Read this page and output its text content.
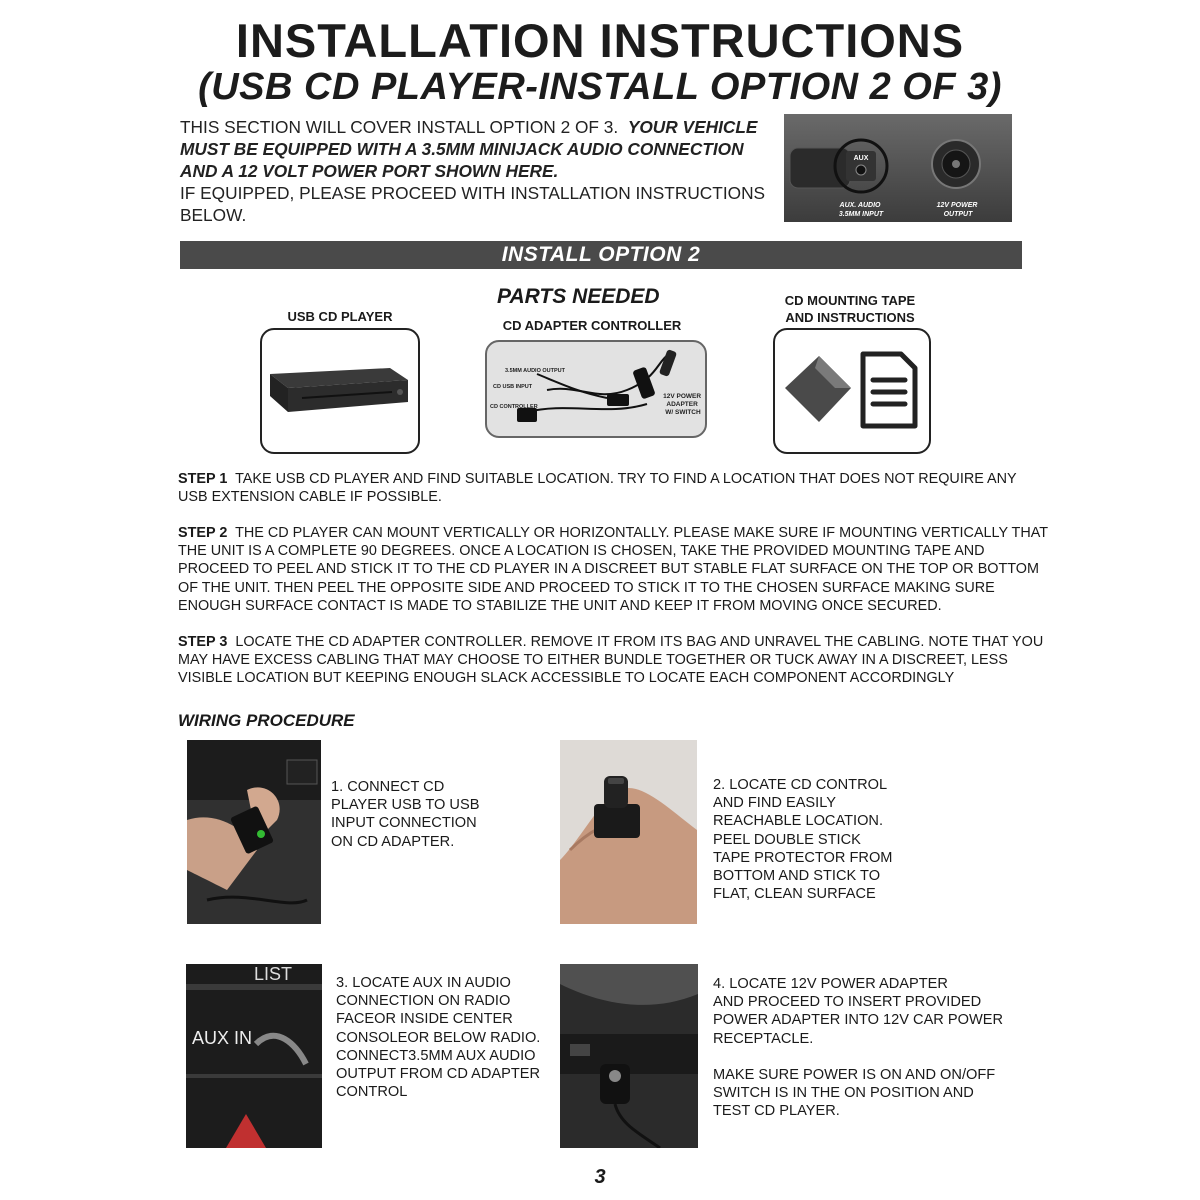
INSTALLATION INSTRUCTIONS
(USB CD PLAYER-INSTALL OPTION 2 OF 3)
THIS SECTION WILL COVER INSTALL OPTION 2 OF 3. YOUR VEHICLE MUST BE EQUIPPED WITH A 3.5MM MINIJACK AUDIO CONNECTION AND A 12 VOLT POWER PORT SHOWN HERE.
IF EQUIPPED, PLEASE PROCEED WITH INSTALLATION INSTRUCTIONS BELOW.
AUX
AUX. AUDIO 3.5MM INPUT
12V POWER OUTPUT
INSTALL OPTION 2
PARTS NEEDED
USB CD PLAYER
CD ADAPTER CONTROLLER
CD MOUNTING TAPE
AND INSTRUCTIONS
3.5MM AUDIO OUTPUT
CD USB INPUT
CD CONTROLLER
12V POWER ADAPTER W/ SWITCH
STEP 1 TAKE USB CD PLAYER AND FIND SUITABLE LOCATION. TRY TO FIND A LOCATION THAT DOES NOT REQUIRE ANY USB EXTENSION CABLE IF POSSIBLE.
STEP 2 THE CD PLAYER CAN MOUNT VERTICALLY OR HORIZONTALLY. PLEASE MAKE SURE IF MOUNTING VERTICALLY THAT THE UNIT IS A COMPLETE 90 DEGREES. ONCE A LOCATION IS CHOSEN, TAKE THE PROVIDED MOUNTING TAPE AND PROCEED TO PEEL AND STICK IT TO THE CD PLAYER IN A DISCREET BUT STABLE FLAT SURFACE ON THE TOP OR BOTTOM OF THE UNIT. THEN PEEL THE OPPOSITE SIDE AND PROCEED TO STICK IT TO THE CHOSEN SURFACE MAKING SURE ENOUGH SURFACE CONTACT IS MADE TO STABILIZE THE UNIT AND KEEP IT FROM MOVING ONCE SECURED.
STEP 3 LOCATE THE CD ADAPTER CONTROLLER. REMOVE IT FROM ITS BAG AND UNRAVEL THE CABLING. NOTE THAT YOU MAY HAVE EXCESS CABLING THAT MAY CHOOSE TO EITHER BUNDLE TOGETHER OR TUCK AWAY IN A DISCREET, LESS VISIBLE LOCATION BUT KEEPING ENOUGH SLACK ACCESSIBLE TO LOCATE EACH COMPONENT ACCORDINGLY
WIRING PROCEDURE
1. CONNECT CD
PLAYER USB TO USB
INPUT CONNECTION
ON CD ADAPTER.
2. LOCATE CD CONTROL
AND FIND EASILY
REACHABLE LOCATION.
PEEL DOUBLE STICK
TAPE PROTECTOR FROM
BOTTOM AND STICK TO
FLAT, CLEAN SURFACE
LIST
AUX IN
3. LOCATE AUX IN AUDIO
CONNECTION ON RADIO
FACEOR INSIDE CENTER
CONSOLEOR BELOW RADIO.
CONNECT3.5MM AUX AUDIO
OUTPUT FROM CD ADAPTER
CONTROL
4. LOCATE 12V POWER ADAPTER
AND PROCEED TO INSERT PROVIDED
POWER ADAPTER INTO 12V CAR POWER
RECEPTACLE.
MAKE SURE POWER IS ON AND ON/OFF
SWITCH IS IN THE ON POSITION AND
TEST CD PLAYER.
3
